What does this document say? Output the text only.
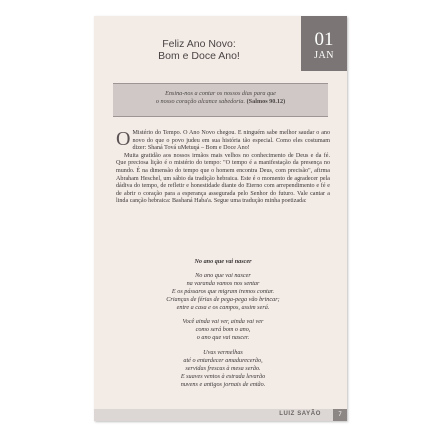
Feliz Ano Novo:
Bom e Doce Ano!
01
JAN
Ensina-nos a contar os nossos dias para que
o nosso coração alcance sabedoria. (Salmos 90.12)

O Mistério do Tempo. O Ano Novo chegou. E ninguém sabe melhor saudar o ano novo do que o povo judeu em sua história tão especial. Como eles costumam dizer: Shaná Tová uMetuqá – Bom e Doce Ano!

Muita gratidão aos nossos irmãos mais velhos no conhecimento de Deus e da fé. Que preciosa lição é o mistério do tempo: "O tempo é a manifestação da presença no mundo. É na dimensão do tempo que o homem encontra Deus, com precisão", afirma Abraham Heschel, um sábio da tradição hebraica. Este é o momento de agradecer pela dádiva do tempo, de refletir e honestidade diante do Eterno com arrependimento e fé e de abrir o coração para a esperança assegurada pelo Senhor do futuro. Vale cantar a linda canção hebraica: Bashaná Haba'a. Segue uma tradução minha poetizada:

No ano que vai nascer
No ano que vai nascer
na varanda vamos nos sentar
E os pássaros que migram iremos contar.
Crianças de férias de pega-pega vão brincar;
entre a casa e os campos, assim será.
Você ainda vai ver, ainda vai ver
como será bom o ano,
o ano que vai nascer.
Uvas vermelhas
até o entardecer amadurecerão,
servidas frescas à mesa serão.
E suaves ventos à estrada levarão
nuvens e antigos jornais de então.
LUIZ SAYÃO	7
